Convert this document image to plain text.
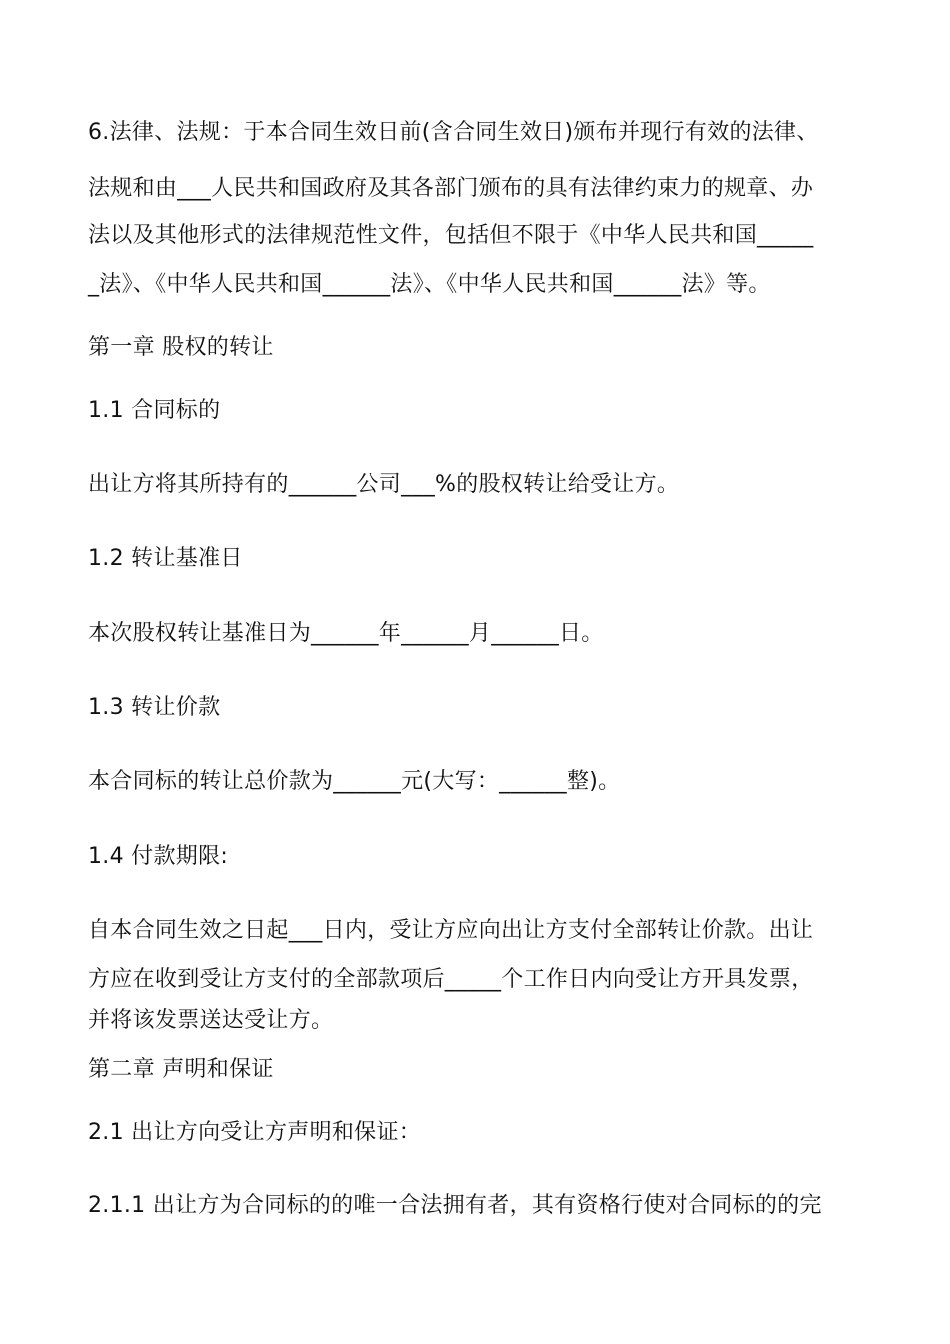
6.法律、法规：于本合同生效日前(含合同生效日)颁布并现行有效的法律、
法规和由___人民共和国政府及其各部门颁布的具有法律约束力的规章、办
法以及其他形式的法律规范性文件，包括但不限于《中华人民共和国_____
_法》、《中华人民共和国______法》、《中华人民共和国______法》等。
第一章 股权的转让
1.1 合同标的
出让方将其所持有的______公司___%的股权转让给受让方。
1.2 转让基准日
本次股权转让基准日为______年______月______日。
1.3 转让价款
本合同标的转让总价款为______元(大写：______整)。
1.4 付款期限:
自本合同生效之日起___日内，受让方应向出让方支付全部转让价款。出让
方应在收到受让方支付的全部款项后_____个工作日内向受让方开具发票，
并将该发票送达受让方。
第二章 声明和保证
2.1 出让方向受让方声明和保证：
2.1.1 出让方为合同标的的唯一合法拥有者，其有资格行使对合同标的的完
